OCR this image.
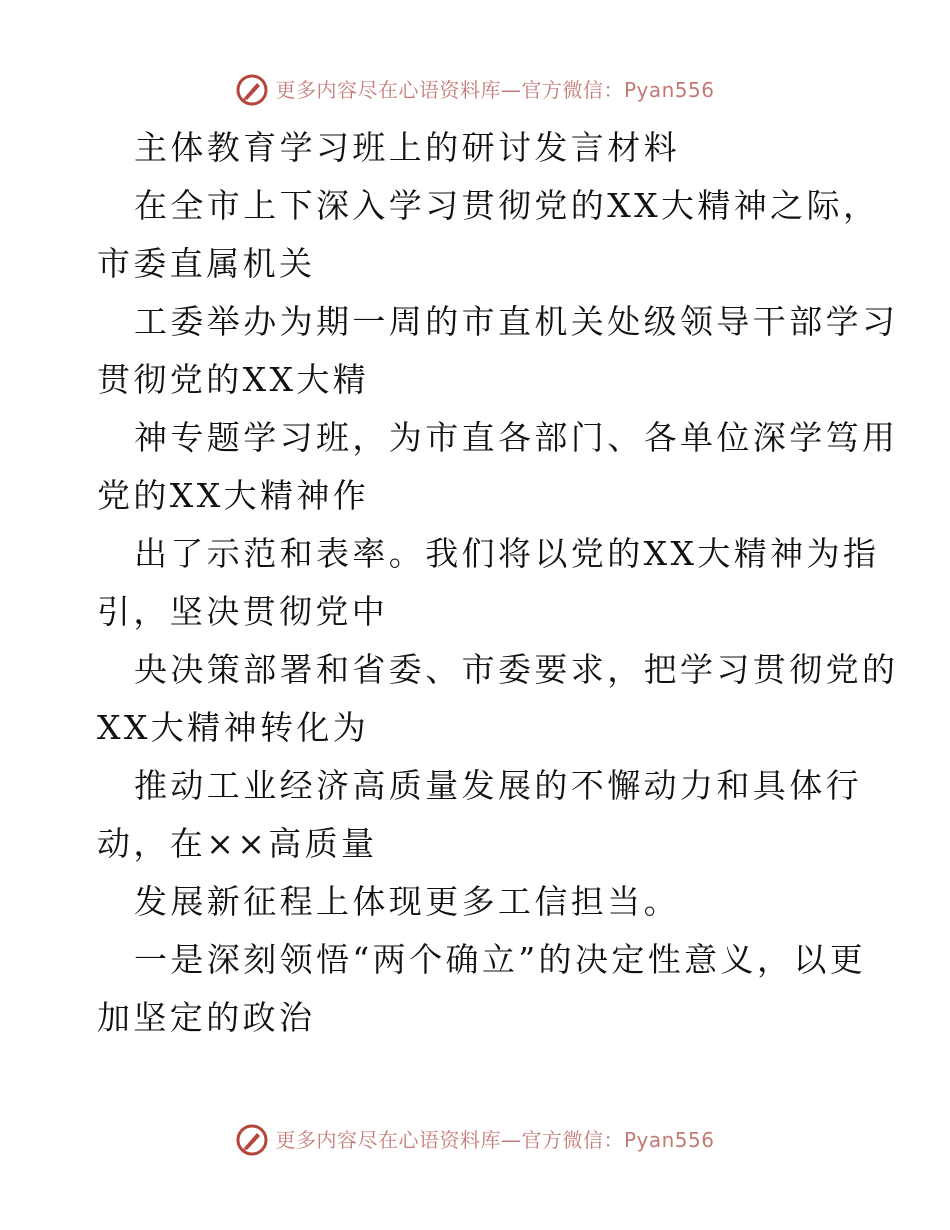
更多内容尽在心语资料库—官方微信：Pyan556
主体教育学习班上的研讨发言材料
在全市上下深入学习贯彻党的XX大精神之际，
市委直属机关
工委举办为期一周的市直机关处级领导干部学习
贯彻党的XX大精
神专题学习班，为市直各部门、各单位深学笃用
党的XX大精神作
出了示范和表率。我们将以党的XX大精神为指
引，坚决贯彻党中
央决策部署和省委、市委要求，把学习贯彻党的
XX大精神转化为
推动工业经济高质量发展的不懈动力和具体行
动，在××高质量
发展新征程上体现更多工信担当。
一是深刻领悟“两个确立”的决定性意义，以更
加坚定的政治
更多内容尽在心语资料库—官方微信：Pyan556
